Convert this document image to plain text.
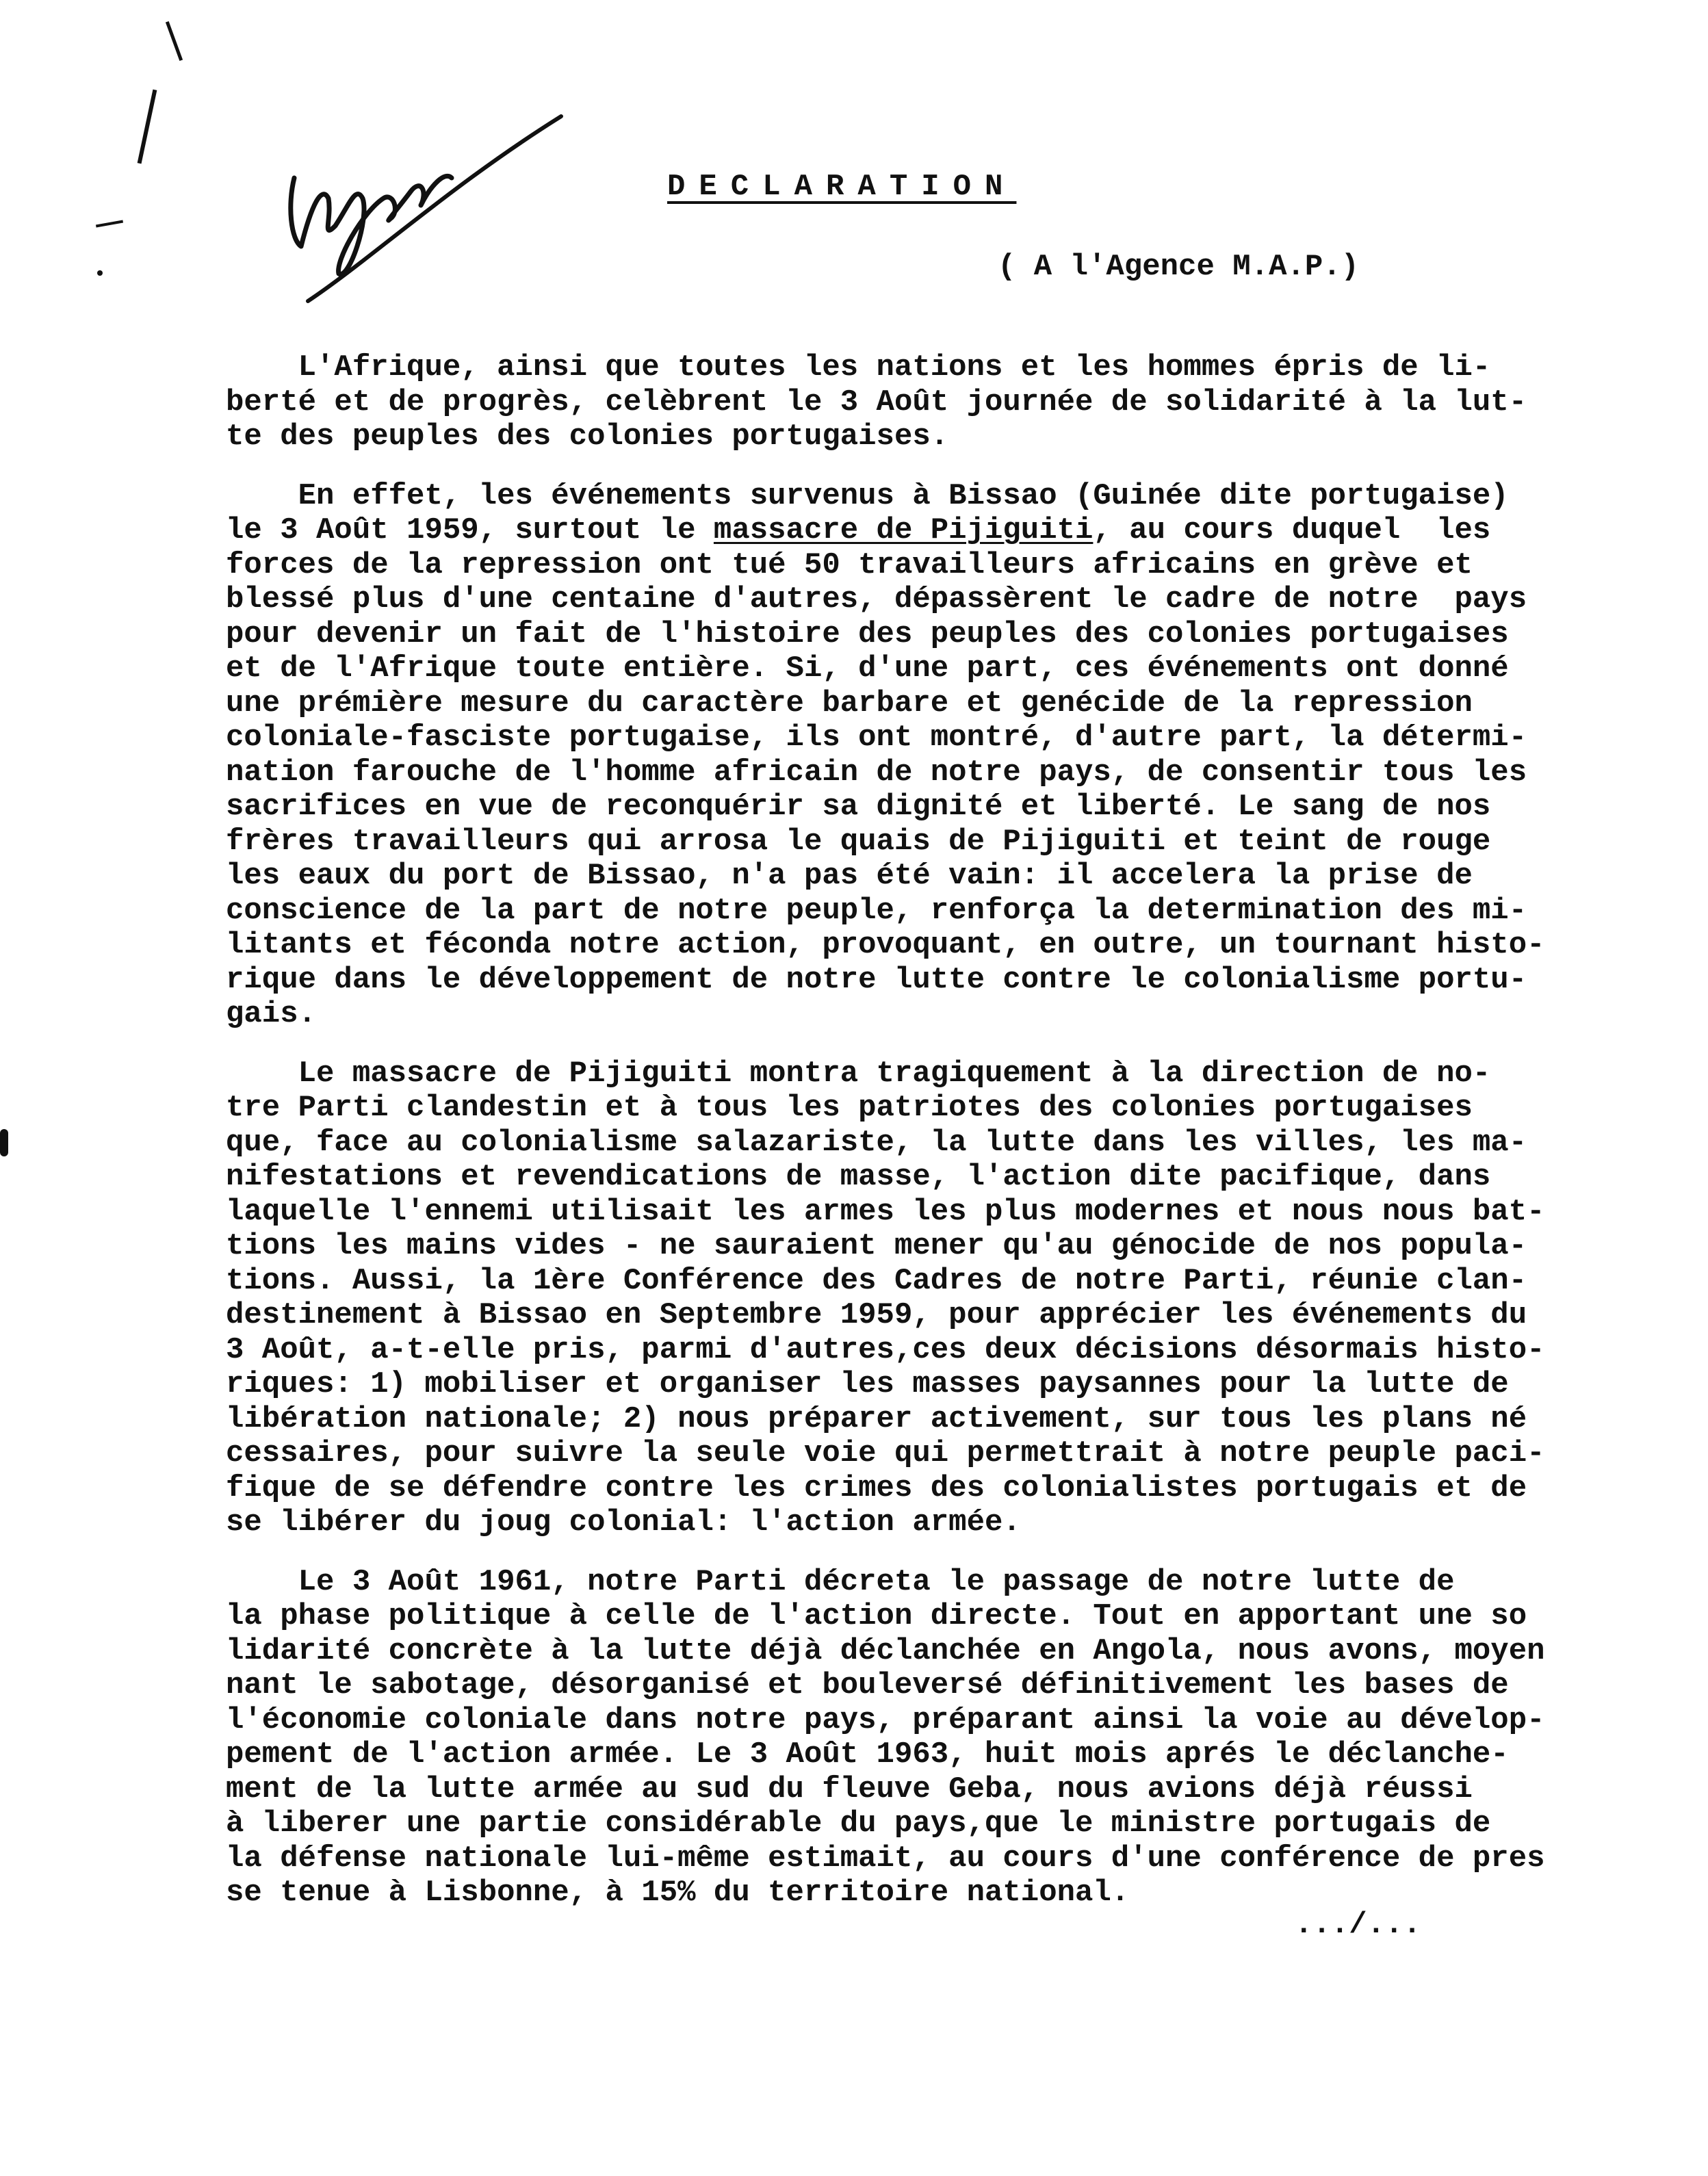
DECLARATION
( A l'Agence M.A.P.)
L'Afrique, ainsi que toutes les nations et les hommes épris de li-
berté et de progrès, celèbrent le 3 Août journée de solidarité à la lut-
te des peuples des colonies portugaises.
En effet, les événements survenus à Bissao (Guinée dite portugaise)
le 3 Août 1959, surtout le massacre de Pijiguiti, au cours duquel  les
forces de la repression ont tué 50 travailleurs africains en grève et
blessé plus d'une centaine d'autres, dépassèrent le cadre de notre  pays
pour devenir un fait de l'histoire des peuples des colonies portugaises
et de l'Afrique toute entière. Si, d'une part, ces événements ont donné
une prémière mesure du caractère barbare et genécide de la repression
coloniale-fasciste portugaise, ils ont montré, d'autre part, la détermi-
nation farouche de l'homme africain de notre pays, de consentir tous les
sacrifices en vue de reconquérir sa dignité et liberté. Le sang de nos
frères travailleurs qui arrosa le quais de Pijiguiti et teint de rouge
les eaux du port de Bissao, n'a pas été vain: il accelera la prise de
conscience de la part de notre peuple, renforça la determination des mi-
litants et féconda notre action, provoquant, en outre, un tournant histo-
rique dans le développement de notre lutte contre le colonialisme portu-
gais.
Le massacre de Pijiguiti montra tragiquement à la direction de no-
tre Parti clandestin et à tous les patriotes des colonies portugaises
que, face au colonialisme salazariste, la lutte dans les villes, les ma-
nifestations et revendications de masse, l'action dite pacifique, dans
laquelle l'ennemi utilisait les armes les plus modernes et nous nous bat-
tions les mains vides - ne sauraient mener qu'au génocide de nos popula-
tions. Aussi, la 1ère Conférence des Cadres de notre Parti, réunie clan-
destinement à Bissao en Septembre 1959, pour apprécier les événements du
3 Août, a-t-elle pris, parmi d'autres,ces deux décisions désormais histo-
riques: 1) mobiliser et organiser les masses paysannes pour la lutte de
libération nationale; 2) nous préparer activement, sur tous les plans né
cessaires, pour suivre la seule voie qui permettrait à notre peuple paci-
fique de se défendre contre les crimes des colonialistes portugais et de
se libérer du joug colonial: l'action armée.
Le 3 Août 1961, notre Parti décreta le passage de notre lutte de
la phase politique à celle de l'action directe. Tout en apportant une so
lidarité concrète à la lutte déjà déclanchée en Angola, nous avons, moyen
nant le sabotage, désorganisé et bouleversé définitivement les bases de
l'économie coloniale dans notre pays, préparant ainsi la voie au dévelop-
pement de l'action armée. Le 3 Août 1963, huit mois aprés le déclanche-
ment de la lutte armée au sud du fleuve Geba, nous avions déjà réussi
à liberer une partie considérable du pays,que le ministre portugais de
la défense nationale lui-même estimait, au cours d'une conférence de pres
se tenue à Lisbonne, à 15% du territoire national.
.../...
